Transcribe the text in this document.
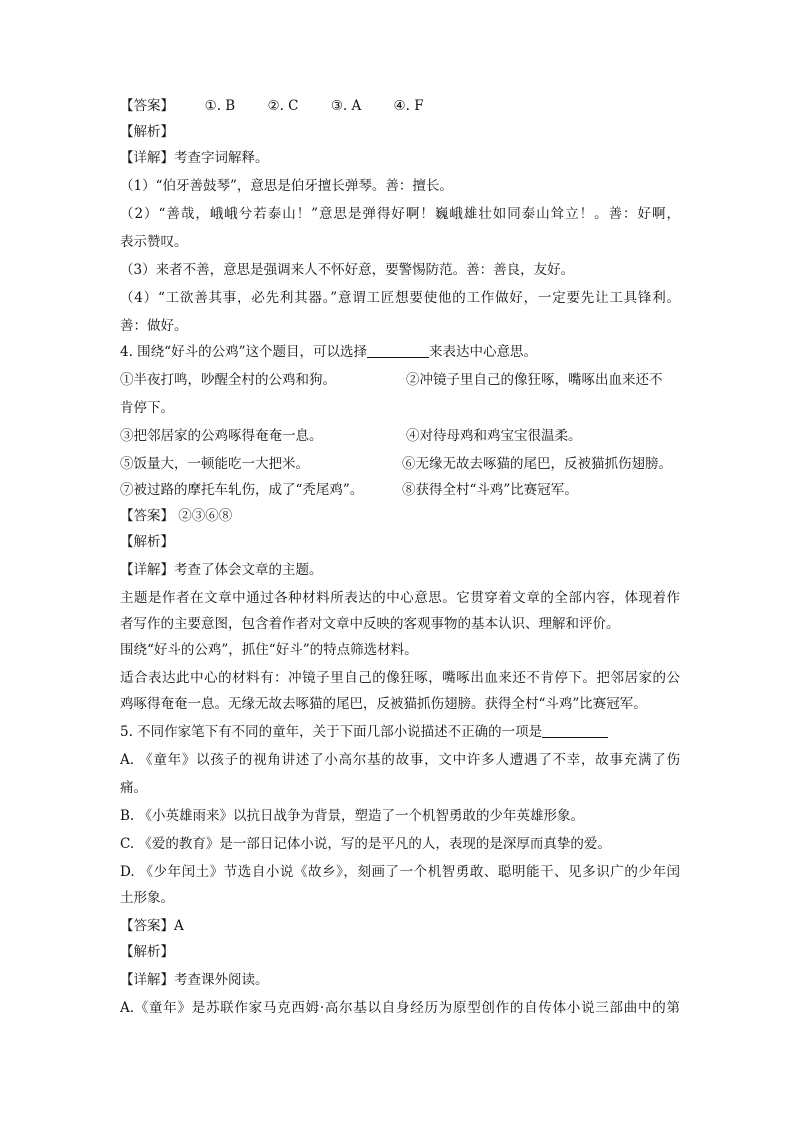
【答案】 ①. B ②. C ③. A ④. F
【解析】
【详解】考查字词解释。
（1）“伯牙善鼓琴”，意思是伯牙擅长弹琴。善：擅长。
（2）“善哉，峨峨兮若泰山！”意思是弹得好啊！巍峨雄壮如同泰山耸立！。善：好啊，
表示赞叹。
（3）来者不善，意思是强调来人不怀好意，要警惕防范。善：善良，友好。
（4）“工欲善其事，必先利其器。”意谓工匠想要使他的工作做好，一定要先让工具锋利。
善：做好。
4. 围绕“好斗的公鸡”这个题目，可以选择	来表达中心意思。
①半夜打鸣，吵醒全村的公鸡和狗。	②冲镜子里自己的像狂啄，嘴啄出血来还不
肯停下。
③把邻居家的公鸡啄得奄奄一息。	④对待母鸡和鸡宝宝很温柔。
⑤饭量大，一顿能吃一大把米。	⑥无缘无故去啄猫的尾巴，反被猫抓伤翅膀。
⑦被过路的摩托车轧伤，成了“秃尾鸡”。	⑧获得全村“斗鸡”比赛冠军。
【答案】 ②③⑥⑧
【解析】
【详解】考查了体会文章的主题。
主题是作者在文章中通过各种材料所表达的中心意思。它贯穿着文章的全部内容，体现着作
者写作的主要意图，包含着作者对文章中反映的客观事物的基本认识、理解和评价。
围绕“好斗的公鸡”，抓住“好斗”的特点筛选材料。
适合表达此中心的材料有：冲镜子里自己的像狂啄，嘴啄出血来还不肯停下。把邻居家的公
鸡啄得奄奄一息。无缘无故去啄猫的尾巴，反被猫抓伤翅膀。获得全村“斗鸡”比赛冠军。
5. 不同作家笔下有不同的童年，关于下面几部小说描述不正确的一项是
A. 《童年》以孩子的视角讲述了小高尔基的故事，文中许多人遭遇了不幸，故事充满了伤
痛。
B. 《小英雄雨来》以抗日战争为背景，塑造了一个机智勇敢的少年英雄形象。
C. 《爱的教育》是一部日记体小说，写的是平凡的人，表现的是深厚而真挚的爱。
D. 《少年闰土》节选自小说《故乡》，刻画了一个机智勇敢、聪明能干、见多识广的少年闰
土形象。
【答案】A
【解析】
【详解】考查课外阅读。
A.《童年》是苏联作家马克西姆·高尔基以自身经历为原型创作的自传体小说三部曲中的第
